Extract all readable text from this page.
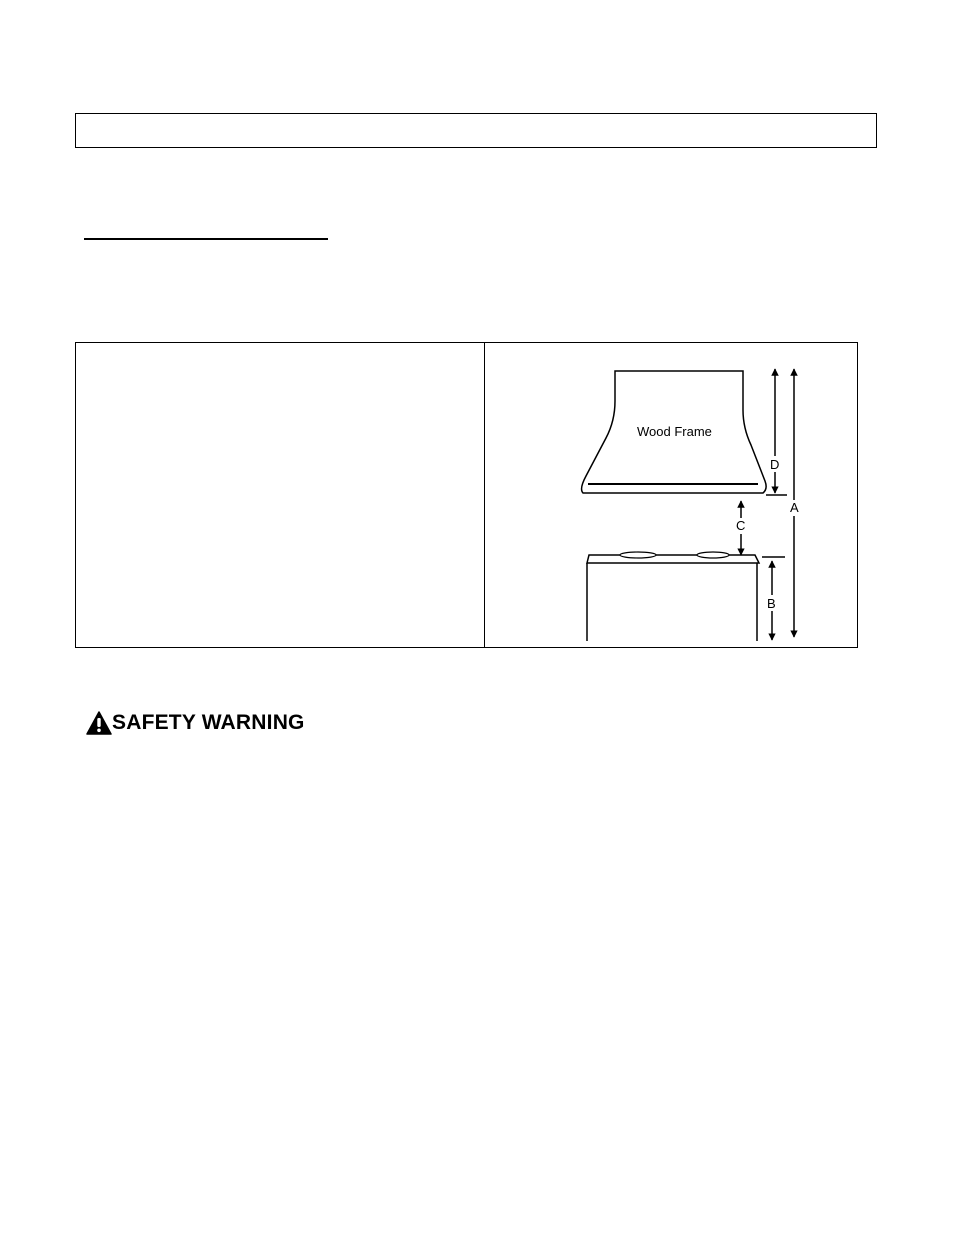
Wood Frame
D
C
B
A
SAFETY WARNING
